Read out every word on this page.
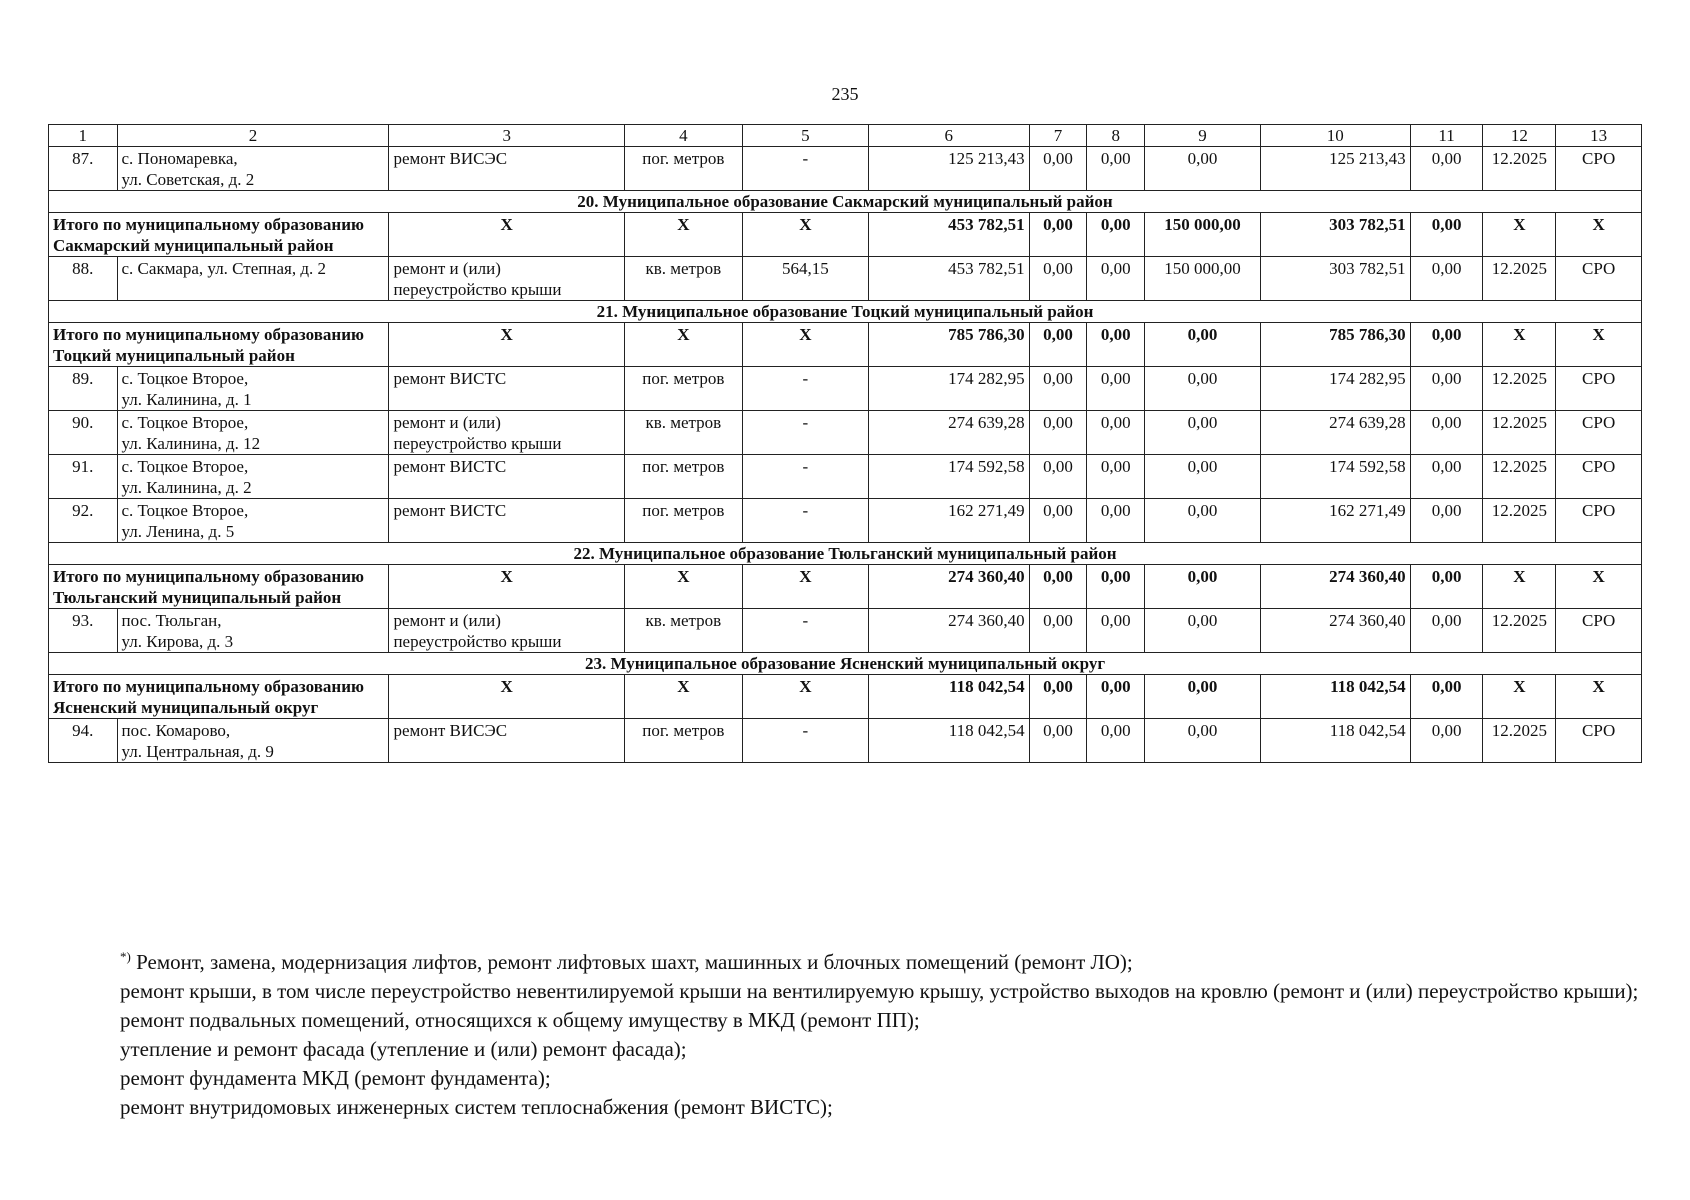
235
1	2	3	4	5	6	7	8	9	10	11	12	13
87.	с. Пономаревка,
ул. Советская, д. 2	ремонт ВИСЭС	пог. метров	-	125 213,43	0,00	0,00	0,00	125 213,43	0,00	12.2025	СРО
20. Муниципальное образование Сакмарский муниципальный район												
Итого по муниципальному образованию Сакмарский муниципальный район		X	X	X	453 782,51	0,00	0,00	150 000,00	303 782,51	0,00	X	X
88.	с. Сакмара, ул. Степная, д. 2	ремонт и (или)
переустройство крыши	кв. метров	564,15	453 782,51	0,00	0,00	150 000,00	303 782,51	0,00	12.2025	СРО
21. Муниципальное образование Тоцкий муниципальный район												
Итого по муниципальному образованию Тоцкий муниципальный район		X	X	X	785 786,30	0,00	0,00	0,00	785 786,30	0,00	X	X
89.	с. Тоцкое Второе,
ул. Калинина, д. 1	ремонт ВИСТС	пог. метров	-	174 282,95	0,00	0,00	0,00	174 282,95	0,00	12.2025	СРО
90.	с. Тоцкое Второе,
ул. Калинина, д. 12	ремонт и (или)
переустройство крыши	кв. метров	-	274 639,28	0,00	0,00	0,00	274 639,28	0,00	12.2025	СРО
91.	с. Тоцкое Второе,
ул. Калинина, д. 2	ремонт ВИСТС	пог. метров	-	174 592,58	0,00	0,00	0,00	174 592,58	0,00	12.2025	СРО
92.	с. Тоцкое Второе,
ул. Ленина, д. 5	ремонт ВИСТС	пог. метров	-	162 271,49	0,00	0,00	0,00	162 271,49	0,00	12.2025	СРО
22. Муниципальное образование Тюльганский муниципальный район												
Итого по муниципальному образованию Тюльганский муниципальный район		X	X	X	274 360,40	0,00	0,00	0,00	274 360,40	0,00	X	X
93.	пос. Тюльган,
ул. Кирова, д. 3	ремонт и (или)
переустройство крыши	кв. метров	-	274 360,40	0,00	0,00	0,00	274 360,40	0,00	12.2025	СРО
23. Муниципальное образование Ясненский муниципальный округ												
Итого по муниципальному образованию Ясненский муниципальный округ		X	X	X	118 042,54	0,00	0,00	0,00	118 042,54	0,00	X	X
94.	пос. Комарово,
ул. Центральная, д. 9	ремонт ВИСЭС	пог. метров	-	118 042,54	0,00	0,00	0,00	118 042,54	0,00	12.2025	СРО

*) Ремонт, замена, модернизация лифтов, ремонт лифтовых шахт, машинных и блочных помещений (ремонт ЛО);

ремонт крыши, в том числе переустройство невентилируемой крыши на вентилируемую крышу, устройство выходов на кровлю (ремонт и (или) переустройство крыши);

ремонт подвальных помещений, относящихся к общему имуществу в МКД (ремонт ПП);

утепление и ремонт фасада (утепление и (или) ремонт фасада);

ремонт фундамента МКД (ремонт фундамента);

ремонт внутридомовых инженерных систем теплоснабжения (ремонт ВИСТС);
